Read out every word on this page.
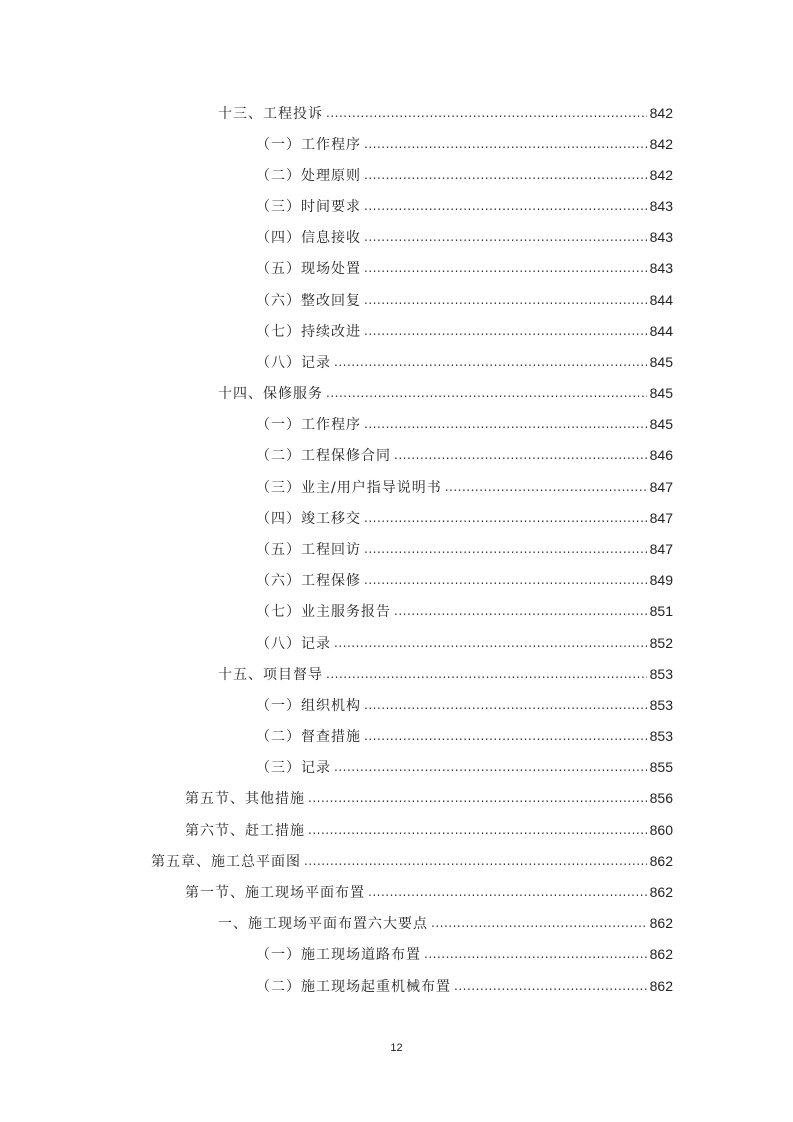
十三、工程投诉 .....	842
（一）工作程序 .....	842
（二）处理原则 .....	842
（三）时间要求 .....	843
（四）信息接收 .....	843
（五）现场处置 .....	843
（六）整改回复 .....	844
（七）持续改进 .....	844
（八）记录 .....	845
十四、保修服务 .....	845
（一）工作程序 .....	845
（二）工程保修合同 .....	846
（三）业主/用户指导说明书 .....	847
（四）竣工移交 .....	847
（五）工程回访 .....	847
（六）工程保修 .....	849
（七）业主服务报告 .....	851
（八）记录 .....	852
十五、项目督导 .....	853
（一）组织机构 .....	853
（二）督查措施 .....	853
（三）记录 .....	855
第五节、其他措施 .....	856
第六节、赶工措施 .....	860
第五章、施工总平面图 .....	862
第一节、施工现场平面布置 .....	862
一、施工现场平面布置六大要点 .....	862
（一）施工现场道路布置 .....	862
（二）施工现场起重机械布置 .....	862
12
